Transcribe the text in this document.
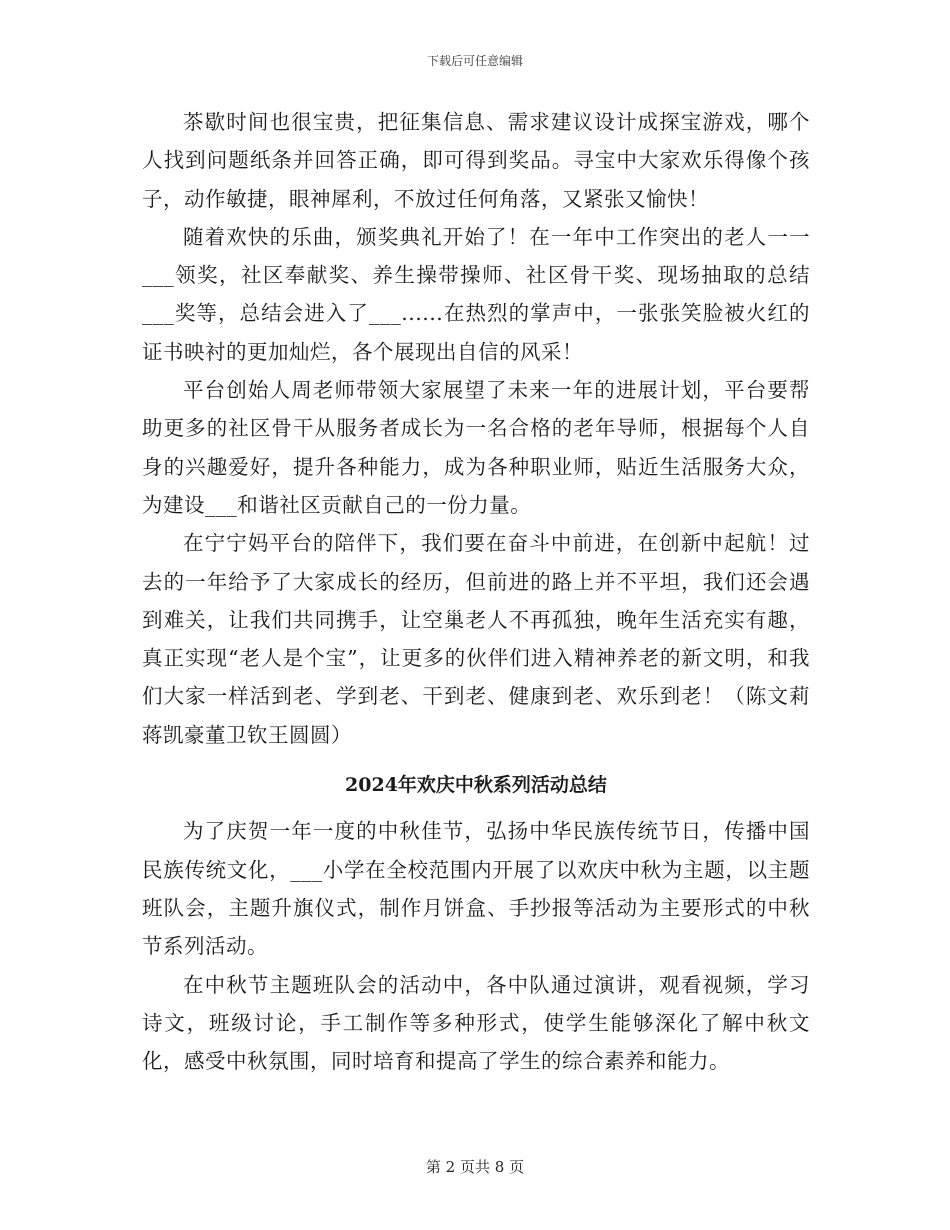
下载后可任意编辑

茶歇时间也很宝贵，把征集信息、需求建议设计成探宝游戏，哪个人找到问题纸条并回答正确，即可得到奖品。寻宝中大家欢乐得像个孩子，动作敏捷，眼神犀利，不放过任何角落，又紧张又愉快！

随着欢快的乐曲，颁奖典礼开始了！在一年中工作突出的老人一一___领奖，社区奉献奖、养生操带操师、社区骨干奖、现场抽取的总结___奖等，总结会进入了___......在热烈的掌声中，一张张笑脸被火红的证书映衬的更加灿烂，各个展现出自信的风采！

平台创始人周老师带领大家展望了未来一年的进展计划，平台要帮助更多的社区骨干从服务者成长为一名合格的老年导师，根据每个人自身的兴趣爱好，提升各种能力，成为各种职业师，贴近生活服务大众，为建设___和谐社区贡献自己的一份力量。

在宁宁妈平台的陪伴下，我们要在奋斗中前进，在创新中起航！过去的一年给予了大家成长的经历，但前进的路上并不平坦，我们还会遇到难关，让我们共同携手，让空巢老人不再孤独，晚年生活充实有趣，真正实现“老人是个宝”，让更多的伙伴们进入精神养老的新文明，和我们大家一样活到老、学到老、干到老、健康到老、欢乐到老！（陈文莉蒋凯豪董卫钦王圆圆）

2024年欢庆中秋系列活动总结

为了庆贺一年一度的中秋佳节，弘扬中华民族传统节日，传播中国民族传统文化，___小学在全校范围内开展了以欢庆中秋为主题，以主题班队会，主题升旗仪式，制作月饼盒、手抄报等活动为主要形式的中秋节系列活动。

在中秋节主题班队会的活动中，各中队通过演讲，观看视频，学习诗文，班级讨论，手工制作等多种形式，使学生能够深化了解中秋文化，感受中秋氛围，同时培育和提高了学生的综合素养和能力。

第 2 页共 8 页
